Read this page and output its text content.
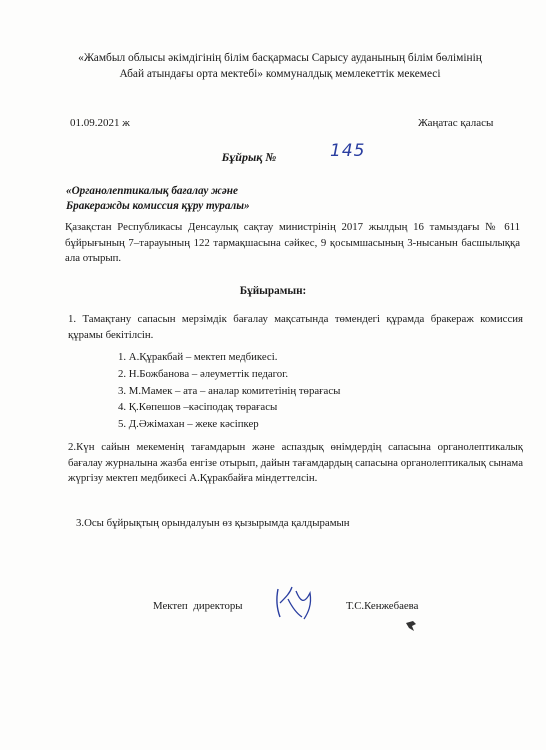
«Жамбыл облысы әкімдігінің білім басқармасы Сарысу ауданының білім бөлімінің
Абай атындағы орта мектебі» коммуналдық мемлекеттік мекемесі
01.09.2021 ж	Жаңатас қаласы
Бұйрық №	145
«Органолептикалық бағалау және
Бракеражды комиссия құру туралы»
Қазақстан Республикасы Денсаулық сақтау министрінің 2017 жылдың 16 тамыздағы № 611 бұйрығының 7–тарауының 122 тармақшасына сәйкес, 9 қосымшасының 3-нысанын басшылыққа ала отырып.
Бұйырамын:
1. Тамақтану сапасын мерзімдік бағалау мақсатында төмендегі құрамда бракераж комиссия құрамы бекітілсін.
1. А.Құракбай – мектеп медбикесі.
2. Н.Божбанова – әлеуметтік педагог.
3. М.Мамек – ата – аналар комитетінің төрағасы
4. Қ.Көпешов –кәсіподақ төрағасы
5. Д.Әжімахан – жеке кәсіпкер
2.Күн сайын мекеменің тағамдарын және аспаздық өнімдердің сапасына органолептикалық бағалау журналына жазба енгізе отырып, дайын тағамдардың сапасына органолептикалық сынама жүргізу мектеп медбикесі А.Құракбайға міндеттелсін.
3.Осы бұйрықтың орындалуын өз қызырымда қалдырамын
Мектеп директоры	Т.С.Кенжебаева
